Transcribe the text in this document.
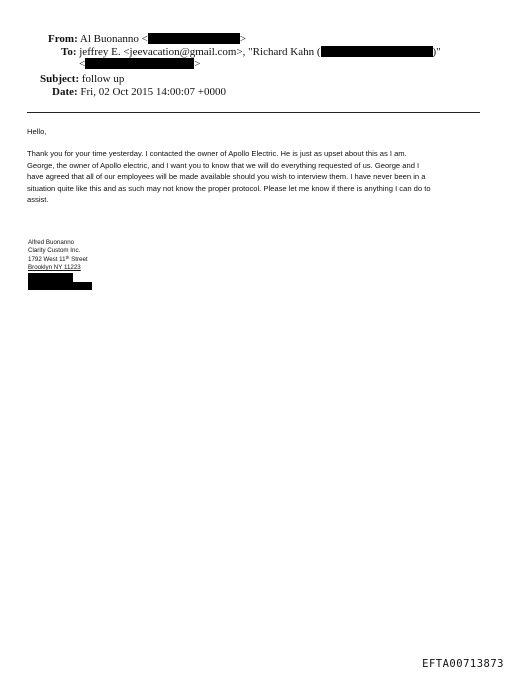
From: Al Buonanno <	>
To: jeffrey E. <jeevacation@gmail.com>, "Richard Kahn (	)"
<	>
Subject: follow up
Date: Fri, 02 Oct 2015 14:00:07 +0000
Hello,
Thank you for your time yesterday. I contacted the owner of Apollo Electric. He is just as upset about this as I am.
George, the owner of Apollo electric, and I want you to know that we will do everything requested of us. George and I
have agreed that all of our employees will be made available should you wish to interview them. I have never been in a
situation quite like this and as such may not know the proper protocol. Please let me know if there is anything I can do to
assist.
Alfred Buonanno
Clarity Custom Inc.
1792 West 11th Street
Brooklyn NY 11223
EFTA00713873
